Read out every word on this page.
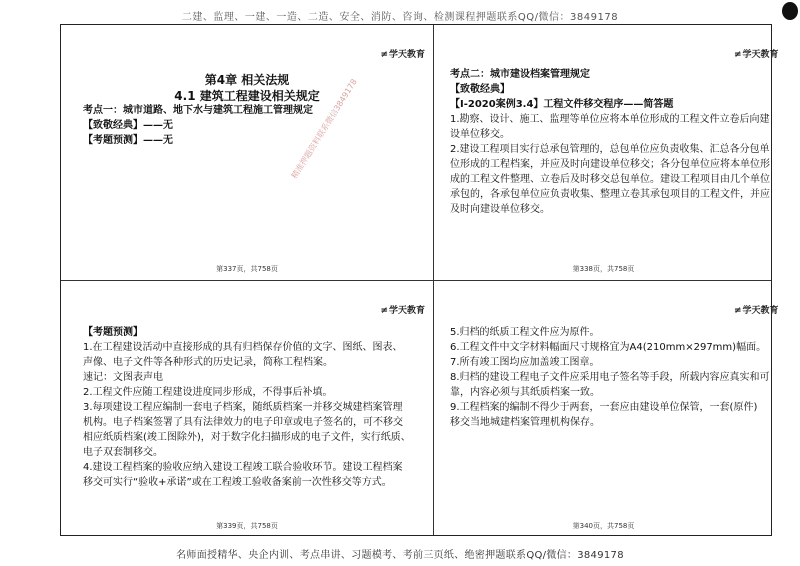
二建、监理、一建、一造、二造、安全、消防、咨询、检测课程押题联系QQ/微信：3849178
≠学天教育
第4章 相关法规
4.1 建筑工程建设相关规定
考点一：城市道路、地下水与建筑工程施工管理规定
【致敬经典】——无
【考题预测】——无	精准押题资料联系微信3849178
第337页，共758页
≠学天教育
考点二：城市建设档案管理规定
【致敬经典】
【Ⅰ-2020案例3.4】工程文件移交程序——简答题
1.勘察、设计、施工、监理等单位应将本单位形成的工程文件立卷后向建
设单位移交。
2.建设工程项目实行总承包管理的，总包单位应负责收集、汇总各分包单
位形成的工程档案，并应及时向建设单位移交；各分包单位应将本单位形
成的工程文件整理、立卷后及时移交总包单位。建设工程项目由几个单位
承包的，各承包单位应负责收集、整理立卷其承包项目的工程文件，并应
及时向建设单位移交。
第338页，共758页
≠学天教育
【考题预测】
1.在工程建设活动中直接形成的具有归档保存价值的文字、图纸、图表、
声像、电子文件等各种形式的历史记录，简称工程档案。
速记：文图表声电
2.工程文件应随工程建设进度同步形成，不得事后补填。
3.每项建设工程应编制一套电子档案，随纸质档案一并移交城建档案管理
机构。电子档案签署了具有法律效力的电子印章或电子签名的，可不移交
相应纸质档案(竣工图除外)，对于数字化扫描形成的电子文件，实行纸质、
电子双套制移交。
4.建设工程档案的验收应纳入建设工程竣工联合验收环节。建设工程档案
移交可实行“验收+承诺”或在工程竣工验收备案前一次性移交等方式。
第339页，共758页
≠学天教育
5.归档的纸质工程文件应为原件。
6.工程文件中文字材料幅面尺寸规格宜为A4(210mm×297mm)幅面。
7.所有竣工图均应加盖竣工图章。
8.归档的建设工程电子文件应采用电子签名等手段，所载内容应真实和可
靠，内容必须与其纸质档案一致。
9.工程档案的编制不得少于两套，一套应由建设单位保管，一套(原件)
移交当地城建档案管理机构保存。
第340页，共758页
名师面授精华、央企内训、考点串讲、习题模考、考前三页纸、绝密押题联系QQ/微信：3849178
